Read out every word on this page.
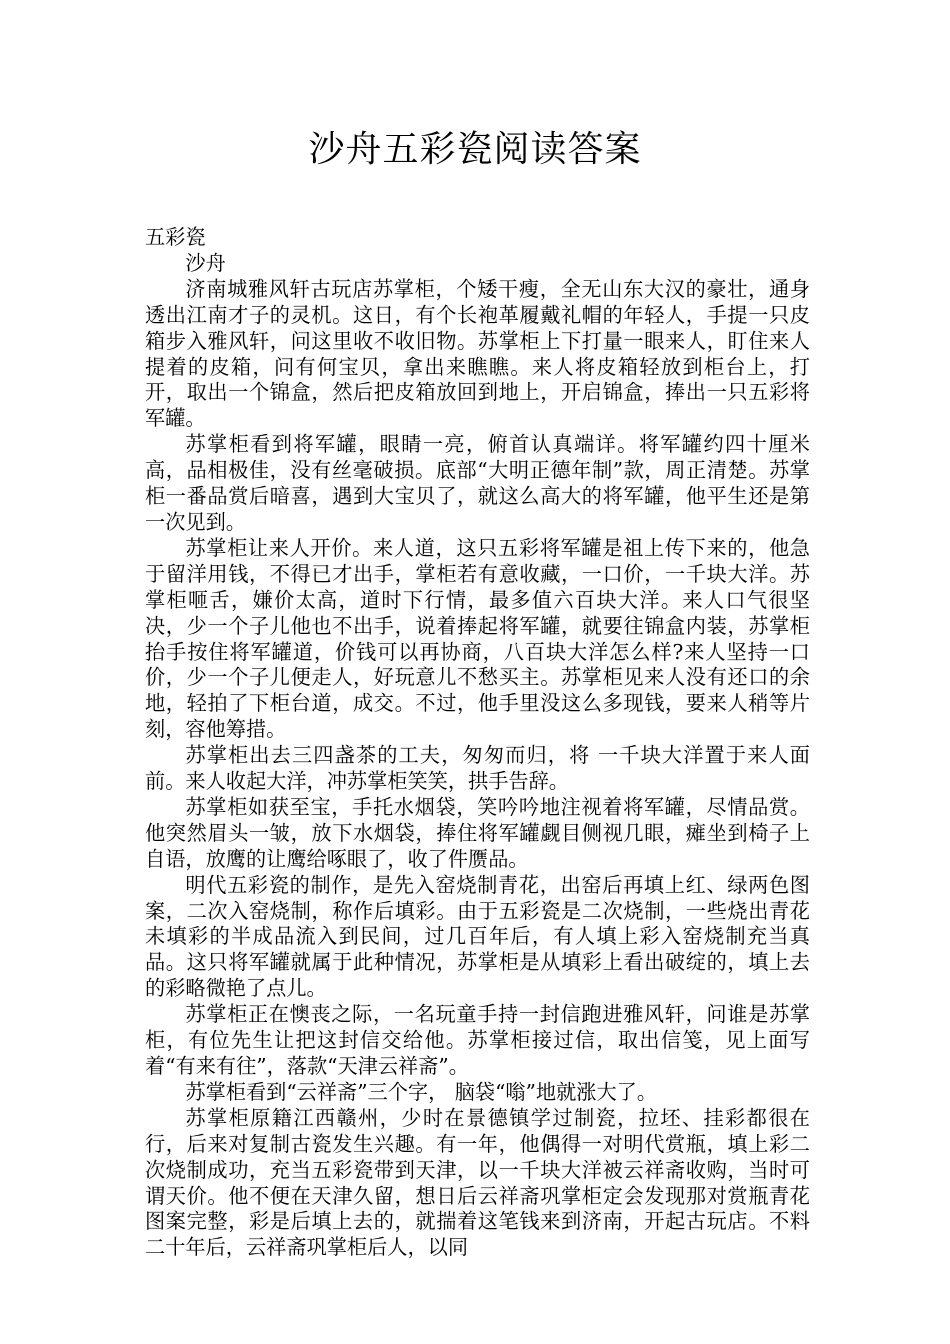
沙舟五彩瓷阅读答案

五彩瓷

沙舟

济南城雅风轩古玩店苏掌柜，个矮干瘦，全无山东大汉的豪壮，通身透出江南才子的灵机。这日，有个长袍革履戴礼帽的年轻人，手提一只皮箱步入雅风轩，问这里收不收旧物。苏掌柜上下打量一眼来人，盯住来人提着的皮箱，问有何宝贝，拿出来瞧瞧。来人将皮箱轻放到柜台上，打开，取出一个锦盒，然后把皮箱放回到地上，开启锦盒，捧出一只五彩将军罐。

苏掌柜看到将军罐，眼睛一亮，俯首认真端详。将军罐约四十厘米高，品相极佳，没有丝毫破损。底部“大明正德年制”款，周正清楚。苏掌柜一番品赏后暗喜，遇到大宝贝了，就这么高大的将军罐，他平生还是第一次见到。

苏掌柜让来人开价。来人道，这只五彩将军罐是祖上传下来的，他急于留洋用钱，不得已才出手，掌柜若有意收藏，一口价，一千块大洋。苏掌柜咂舌，嫌价太高，道时下行情，最多值六百块大洋。来人口气很坚决，少一个子儿他也不出手，说着捧起将军罐，就要往锦盒内装，苏掌柜抬手按住将军罐道，价钱可以再协商，八百块大洋怎么样?来人坚持一口价，少一个子儿便走人，好玩意儿不愁买主。苏掌柜见来人没有还口的余地，轻拍了下柜台道，成交。不过，他手里没这么多现钱，要来人稍等片刻，容他筹措。

苏掌柜出去三四盏茶的工夫，匆匆而归，将 一千块大洋置于来人面前。来人收起大洋，冲苏掌柜笑笑，拱手告辞。

苏掌柜如获至宝，手托水烟袋，笑吟吟地注视着将军罐，尽情品赏。他突然眉头一皱，放下水烟袋，捧住将军罐觑目侧视几眼，瘫坐到椅子上自语，放鹰的让鹰给啄眼了，收了件赝品。

明代五彩瓷的制作，是先入窑烧制青花，出窑后再填上红、绿两色图案，二次入窑烧制，称作后填彩。由于五彩瓷是二次烧制，一些烧出青花未填彩的半成品流入到民间，过几百年后，有人填上彩入窑烧制充当真品。这只将军罐就属于此种情况，苏掌柜是从填彩上看出破绽的，填上去的彩略微艳了点儿。

苏掌柜正在懊丧之际，一名玩童手持一封信跑进雅风轩，问谁是苏掌柜，有位先生让把这封信交给他。苏掌柜接过信，取出信笺，见上面写着“有来有往”，落款“天津云祥斋”。

苏掌柜看到“云祥斋”三个字， 脑袋“嗡”地就涨大了。

苏掌柜原籍江西赣州，少时在景德镇学过制瓷，拉坯、挂彩都很在行，后来对复制古瓷发生兴趣。有一年，他偶得一对明代赏瓶，填上彩二次烧制成功，充当五彩瓷带到天津，以一千块大洋被云祥斋收购，当时可谓天价。他不便在天津久留，想日后云祥斋巩掌柜定会发现那对赏瓶青花图案完整，彩是后填上去的，就揣着这笔钱来到济南，开起古玩店。不料二十年后，云祥斋巩掌柜后人，以同
